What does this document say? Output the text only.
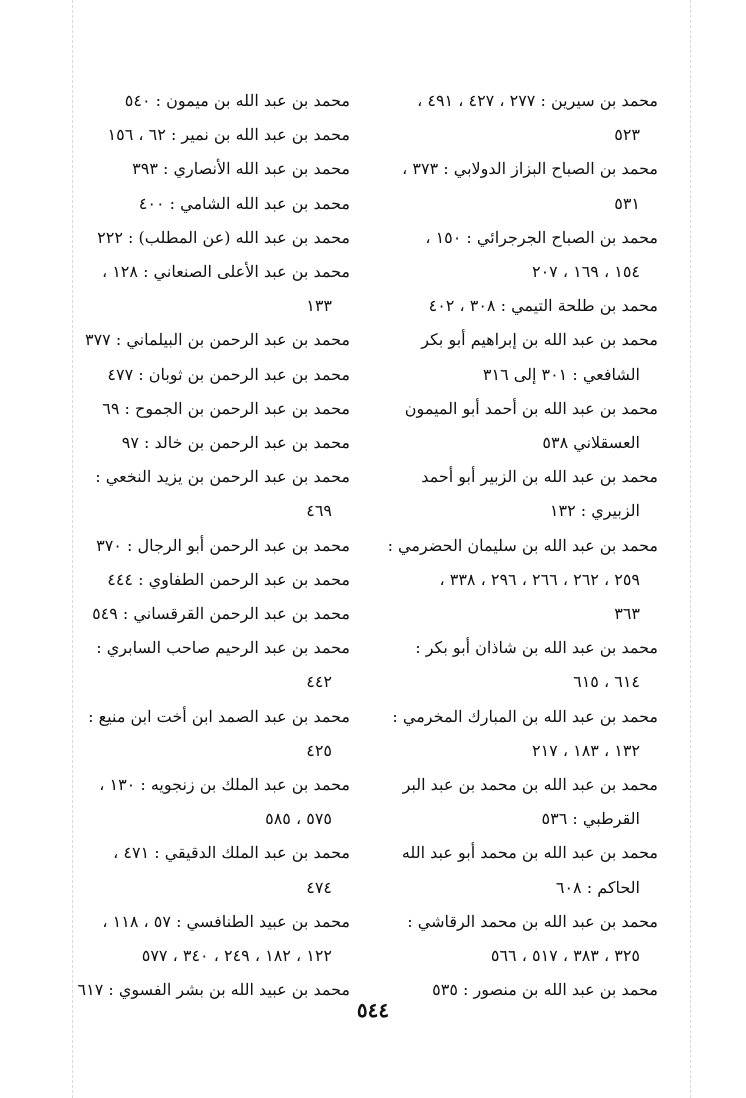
محمد بن سيرين : ٢٧٧ ، ٤٢٧ ، ٤٩١ ،
٥٢٣
محمد بن الصباح البزاز الدولابي : ٣٧٣ ،
٥٣١
محمد بن الصباح الجرجرائي : ١٥٠ ،
١٥٤ ، ١٦٩ ، ٢٠٧
محمد بن طلحة التيمي : ٣٠٨ ، ٤٠٢
محمد بن عبد الله بن إبراهيم أبو بكر
الشافعي : ٣٠١ إلى ٣١٦
محمد بن عبد الله بن أحمد أبو الميمون
العسقلاني ٥٣٨
محمد بن عبد الله بن الزبير أبو أحمد
الزبيري : ١٣٢
محمد بن عبد الله بن سليمان الحضرمي :
٢٥٩ ، ٢٦٢ ، ٢٦٦ ، ٢٩٦ ، ٣٣٨ ،
٣٦٣
محمد بن عبد الله بن شاذان أبو بكر :
٦١٤ ، ٦١٥
محمد بن عبد الله بن المبارك المخرمي :
١٣٢ ، ١٨٣ ، ٢١٧
محمد بن عبد الله بن محمد بن عبد البر
القرطبي : ٥٣٦
محمد بن عبد الله بن محمد أبو عبد الله
الحاكم : ٦٠٨
محمد بن عبد الله بن محمد الرقاشي :
٣٢٥ ، ٣٨٣ ، ٥١٧ ، ٥٦٦
محمد بن عبد الله بن منصور : ٥٣٥
محمد بن عبد الله بن ميمون : ٥٤٠
محمد بن عبد الله بن نمير : ٦٢ ، ١٥٦
محمد بن عبد الله الأنصاري : ٣٩٣
محمد بن عبد الله الشامي : ٤٠٠
محمد بن عبد الله (عن المطلب) : ٢٢٢
محمد بن عبد الأعلى الصنعاني : ١٢٨ ،
١٣٣
محمد بن عبد الرحمن بن البيلماني : ٣٧٧
محمد بن عبد الرحمن بن ثوبان : ٤٧٧
محمد بن عبد الرحمن بن الجموح : ٦٩
محمد بن عبد الرحمن بن خالد : ٩٧
محمد بن عبد الرحمن بن يزيد النخعي :
٤٦٩
محمد بن عبد الرحمن أبو الرجال : ٣٧٠
محمد بن عبد الرحمن الطفاوي : ٤٤٤
محمد بن عبد الرحمن القرقساني : ٥٤٩
محمد بن عبد الرحيم صاحب السابري :
٤٤٢
محمد بن عبد الصمد ابن أخت ابن منيع :
٤٢٥
محمد بن عبد الملك بن زنجويه : ١٣٠ ،
٥٧٥ ، ٥٨٥
محمد بن عبد الملك الدقيقي : ٤٧١ ،
٤٧٤
محمد بن عبيد الطنافسي : ٥٧ ، ١١٨ ،
١٢٢ ، ١٨٢ ، ٢٤٩ ، ٣٤٠ ، ٥٧٧
محمد بن عبيد الله بن بشر الفسوي : ٦١٧
٥٤٤
